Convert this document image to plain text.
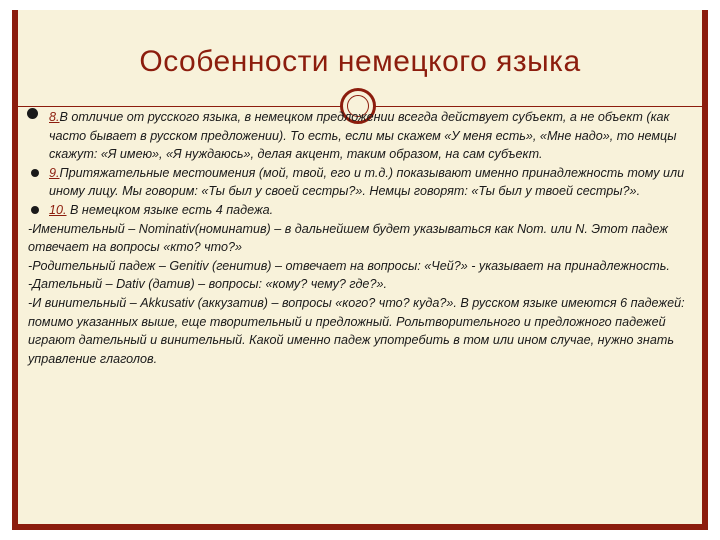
Особенности немецкого языка
8.В отличие от русского языка, в немецком предложении всегда действует субъект, а не объект (как часто бывает в русском предложении). То есть, если мы скажем «У меня есть», «Мне надо», то немцы скажут: «Я имею», «Я нуждаюсь», делая акцент, таким образом, на сам субъект.
9.Притяжательные местоимения (мой, твой, его и т.д.) показывают именно принадлежность тому или иному лицу. Мы говорим: «Ты был у своей сестры?». Немцы говорят: «Ты был у твоей сестры?».
10. В немецком языке есть 4 падежа.
-Именительный – Nominativ(номинатив) – в дальнейшем будет указываться как Nom. или N. Этот падеж отвечает на вопросы «кто? что?»
-Родительный падеж – Genitiv (генитив) – отвечает на вопросы: «Чей?» - указывает на принадлежность.
-Дательный – Dativ (датив) – вопросы: «кому? чему? где?».
-И винительный – Akkusativ (аккузатив) – вопросы «кого? что? куда?». В русском языке имеются 6 падежей: помимо указанных выше, еще творительный и предложный. Рольтворительного и предложного падежей играют дательный и винительный. Какой именно падеж употребить в том или ином случае, нужно знать управление глаголов.
